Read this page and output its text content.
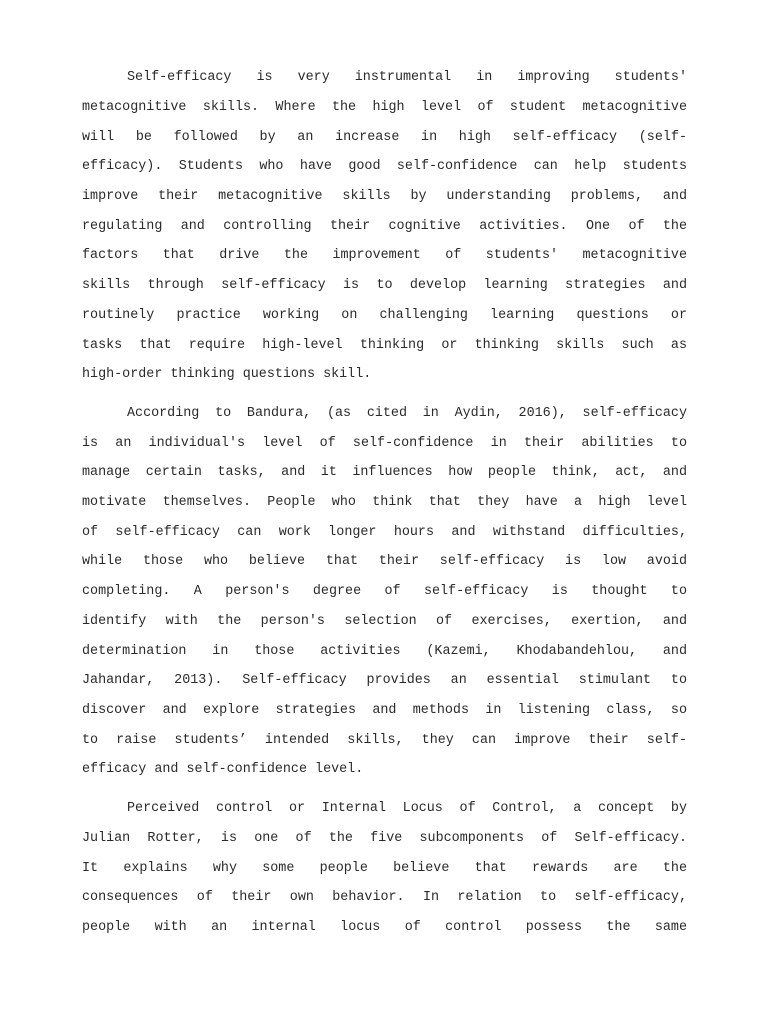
Self-efficacy is very instrumental in improving students'
metacognitive skills. Where the high level of student metacognitive
will be followed by an increase in high self-efficacy (self-
efficacy). Students who have good self-confidence can help students
improve their metacognitive skills by understanding problems, and
regulating and controlling their cognitive activities. One of the
factors that drive the improvement of students' metacognitive
skills through self-efficacy is to develop learning strategies and
routinely practice working on challenging learning questions or
tasks that require high-level thinking or thinking skills such as
high-order thinking questions skill.
According to Bandura, (as cited in Aydin, 2016), self-efficacy
is an individual's level of self-confidence in their abilities to
manage certain tasks, and it influences how people think, act, and
motivate themselves. People who think that they have a high level
of self-efficacy can work longer hours and withstand difficulties,
while those who believe that their self-efficacy is low avoid
completing. A person's degree of self-efficacy is thought to
identify with the person's selection of exercises, exertion, and
determination in those activities (Kazemi, Khodabandehlou, and
Jahandar, 2013). Self-efficacy provides an essential stimulant to
discover and explore strategies and methods in listening class, so
to raise students’ intended skills, they can improve their self-
efficacy and self-confidence level.
Perceived control or Internal Locus of Control, a concept by
Julian Rotter, is one of the five subcomponents of Self-efficacy.
It explains why some people believe that rewards are the
consequences of their own behavior. In relation to self-efficacy,
people with an internal locus of control possess the same
